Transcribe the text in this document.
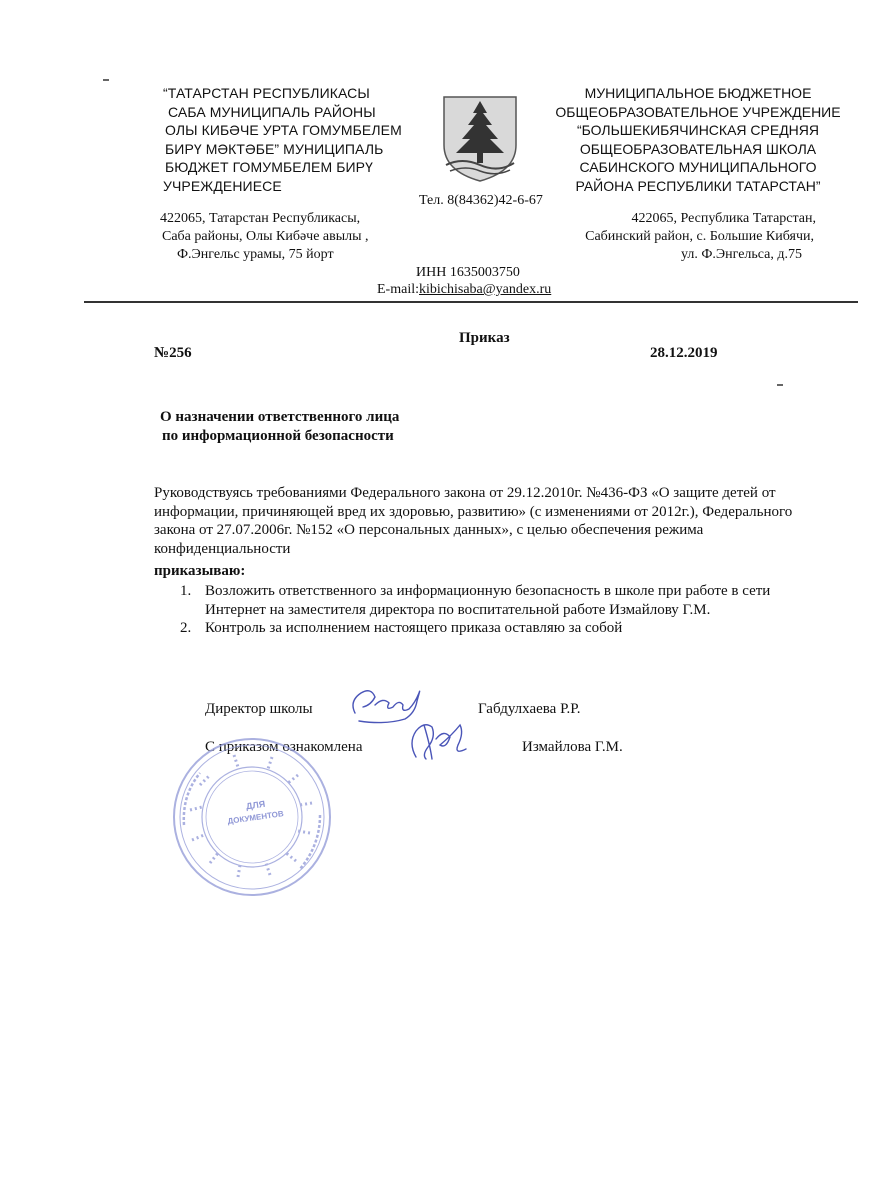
“ТАТАРСТАН РЕСПУБЛИКАСЫ
САБА МУНИЦИПАЛЬ РАЙОНЫ
ОЛЫ КИБӘЧЕ УРТА ГОМУМБЕЛЕМ
БИРҮ МӘКТӘБЕ” МУНИЦИПАЛЬ
БЮДЖЕТ ГОМУМБЕЛЕМ БИРҮ
УЧРЕЖДЕНИЕСЕ
МУНИЦИПАЛЬНОЕ БЮДЖЕТНОЕ
ОБЩЕОБРАЗОВАТЕЛЬНОЕ УЧРЕЖДЕНИЕ
“БОЛЬШЕКИБЯЧИНСКАЯ СРЕДНЯЯ
ОБЩЕОБРАЗОВАТЕЛЬНАЯ ШКОЛА
САБИНСКОГО МУНИЦИПАЛЬНОГО
РАЙОНА РЕСПУБЛИКИ ТАТАРСТАН”
Тел. 8(84362)42-6-67
422065, Татарстан Республикасы,
Саба районы, Олы Кибәче авылы ,
Ф.Энгельс урамы, 75 йорт
422065, Республика Татарстан,
Сабинский район, с. Большие Кибячи,
ул. Ф.Энгельса, д.75
ИНН 1635003750
E-mail:kibichisaba@yandex.ru
Приказ
№256	28.12.2019
О назначении ответственного лица
по информационной безопасности
Руководствуясь требованиями Федерального закона от 29.12.2010г. №436-ФЗ «О защите детей от информации, причиняющей вред их здоровью, развитию» (с изменениями от 2012г.), Федерального закона от 27.07.2006г. №152 «О персональных данных», с целью обеспечения режима конфиденциальности
приказываю:
1. Возложить ответственного за информационную безопасность в школе при работе в сети Интернет на заместителя директора по воспитательной работе Измайлову Г.М.
2. Контроль за исполнением настоящего приказа оставляю за собой
Директор школы	Габдулхаева Р.Р.
С приказом ознакомлена	Измайлова Г.М.
ДЛЯ
ДОКУМЕНТОВ
